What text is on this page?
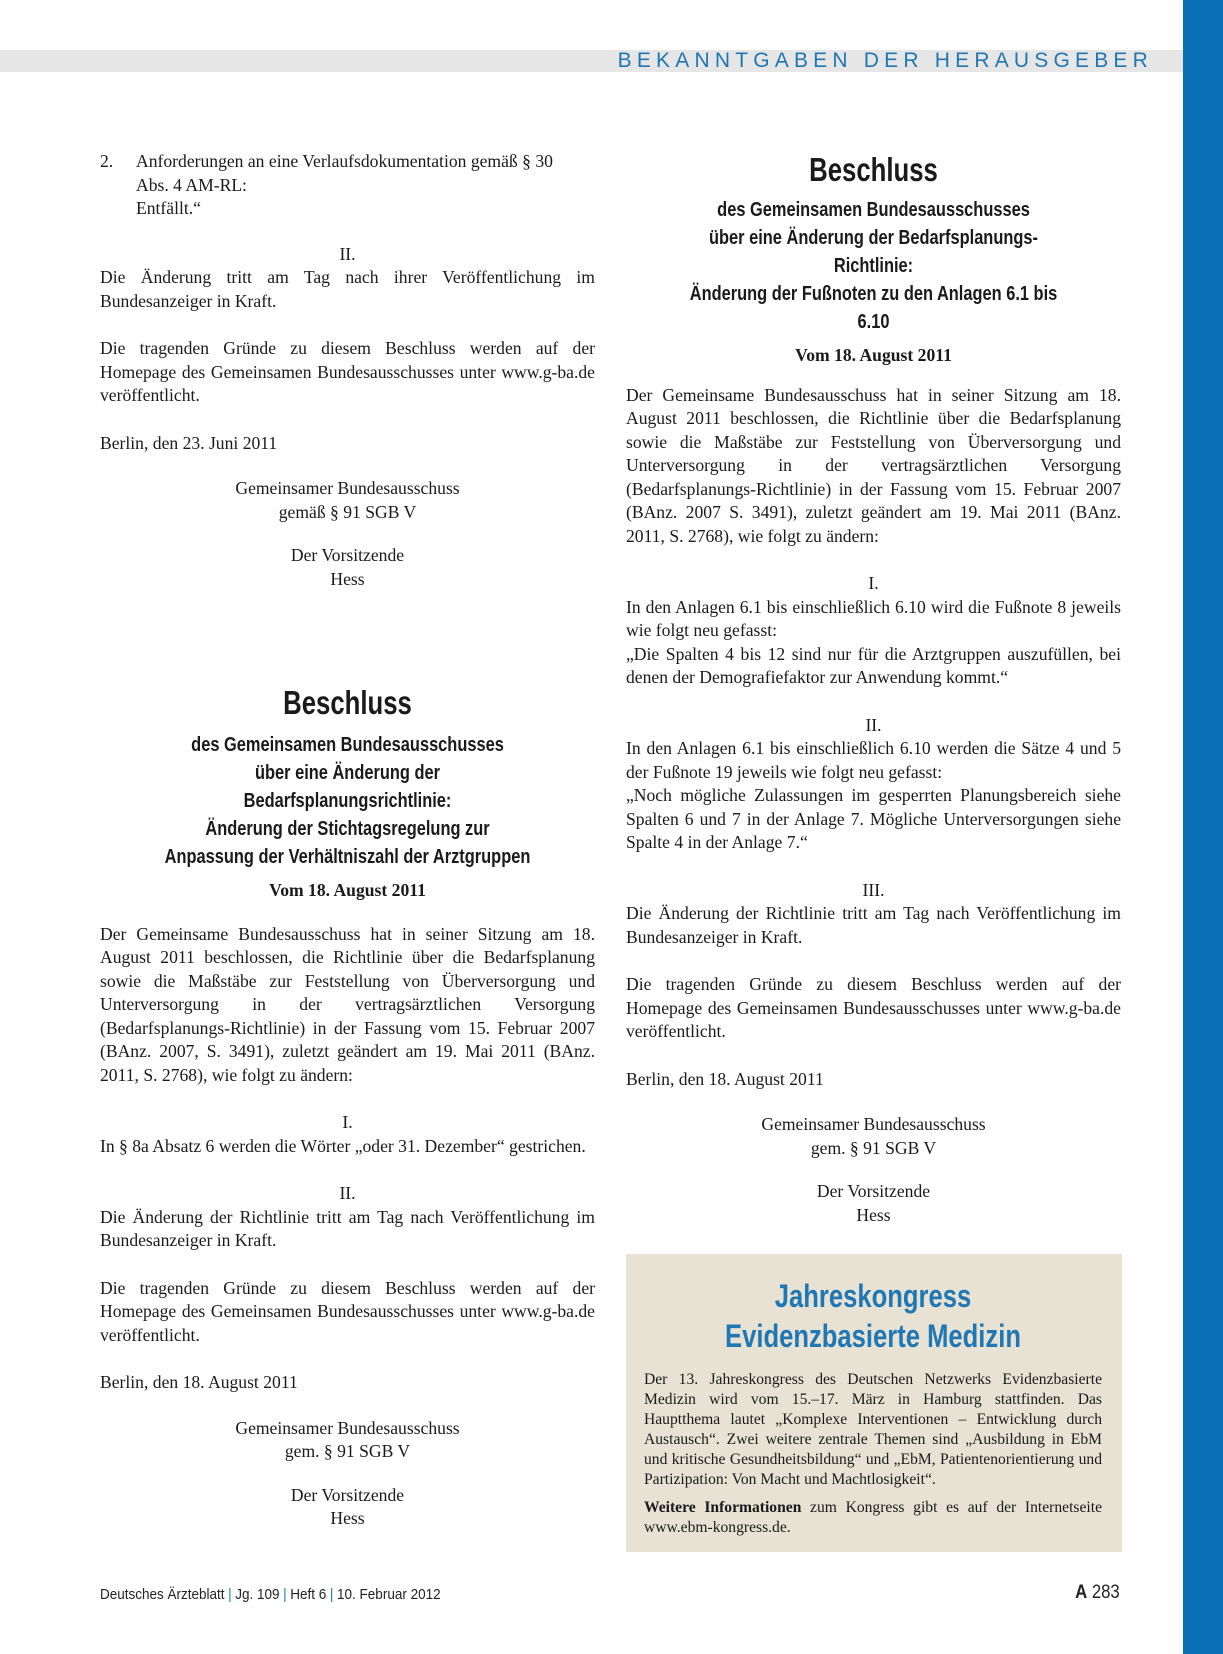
BEKANNTGABEN DER HERAUSGEBER
2.	Anforderungen an eine Verlaufsdokumentation gemäß § 30

Abs. 4 AM-RL:

Entfällt.“

II.

Die Änderung tritt am Tag nach ihrer Veröffentlichung im Bundesanzeiger in Kraft.

Die tragenden Gründe zu diesem Beschluss werden auf der Homepage des Gemeinsamen Bundesausschusses unter www.g-ba.de veröffentlicht.

Berlin, den 23. Juni 2011

Gemeinsamer Bundesausschuss

gemäß § 91 SGB V

Der Vorsitzende

Hess

Beschluss

des Gemeinsamen Bundesausschusses

über eine Änderung der Bedarfsplanungsrichtlinie:

Änderung der Stichtagsregelung zur

Anpassung der Verhältniszahl der Arztgruppen

Vom 18. August 2011

Der Gemeinsame Bundesausschuss hat in seiner Sitzung am 18. August 2011 beschlossen, die Richtlinie über die Bedarfsplanung sowie die Maßstäbe zur Feststellung von Überversorgung und Unterversorgung in der vertragsärztlichen Versorgung (Bedarfsplanungs-Richtlinie) in der Fassung vom 15. Februar 2007 (BAnz. 2007, S. 3491), zuletzt geändert am 19. Mai 2011 (BAnz. 2011, S. 2768), wie folgt zu ändern:

I.

In § 8a Absatz 6 werden die Wörter „oder 31. Dezember“ gestrichen.

II.

Die Änderung der Richtlinie tritt am Tag nach Veröffentlichung im Bundesanzeiger in Kraft.

Die tragenden Gründe zu diesem Beschluss werden auf der Homepage des Gemeinsamen Bundesausschusses unter www.g-ba.de veröffentlicht.

Berlin, den 18. August 2011

Gemeinsamer Bundesausschuss

gem. § 91 SGB V

Der Vorsitzende

Hess

Beschluss

des Gemeinsamen Bundesausschusses

über eine Änderung der Bedarfsplanungs-Richtlinie:

Änderung der Fußnoten zu den Anlagen 6.1 bis 6.10

Vom 18. August 2011

Der Gemeinsame Bundesausschuss hat in seiner Sitzung am 18. August 2011 beschlossen, die Richtlinie über die Bedarfsplanung sowie die Maßstäbe zur Feststellung von Überversorgung und Unterversorgung in der vertragsärztlichen Versorgung (Bedarfsplanungs-Richtlinie) in der Fassung vom 15. Februar 2007 (BAnz. 2007 S. 3491), zuletzt geändert am 19. Mai 2011 (BAnz. 2011, S. 2768), wie folgt zu ändern:

I.

In den Anlagen 6.1 bis einschließlich 6.10 wird die Fußnote 8 jeweils wie folgt neu gefasst:

„Die Spalten 4 bis 12 sind nur für die Arztgruppen auszufüllen, bei denen der Demografiefaktor zur Anwendung kommt.“

II.

In den Anlagen 6.1 bis einschließlich 6.10 werden die Sätze 4 und 5 der Fußnote 19 jeweils wie folgt neu gefasst:

„Noch mögliche Zulassungen im gesperrten Planungsbereich siehe Spalten 6 und 7 in der Anlage 7. Mögliche Unterversorgungen siehe Spalte 4 in der Anlage 7.“

III.

Die Änderung der Richtlinie tritt am Tag nach Veröffentlichung im Bundesanzeiger in Kraft.

Die tragenden Gründe zu diesem Beschluss werden auf der Homepage des Gemeinsamen Bundesausschusses unter www.g-ba.de veröffentlicht.

Berlin, den 18. August 2011

Gemeinsamer Bundesausschuss

gem. § 91 SGB V

Der Vorsitzende

Hess

Jahreskongress
Evidenzbasierte Medizin

Der 13. Jahreskongress des Deutschen Netzwerks Evidenzbasierte Medizin wird vom 15.–17. März in Hamburg stattfinden. Das Hauptthema lautet „Komplexe Interventionen – Entwicklung durch Austausch“. Zwei weitere zentrale Themen sind „Ausbildung in EbM und kritische Gesundheitsbildung“ und „EbM, Patientenorientierung und Partizipation: Von Macht und Machtlosigkeit“.

Weitere Informationen zum Kongress gibt es auf der Internetseite www.ebm-kongress.de.

Deutsches Ärzteblatt | Jg. 109 | Heft 6 | 10. Februar 2012	A 283
